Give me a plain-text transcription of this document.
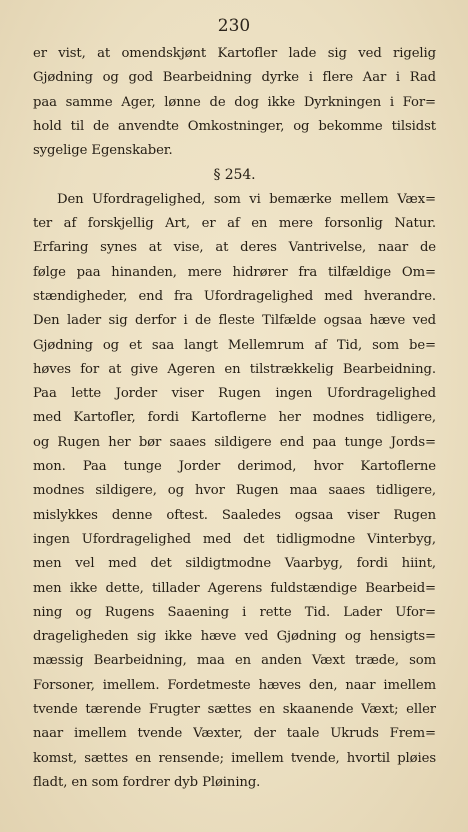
230

er vist, at omendskjønt Kartofler lade sig ved rigelig
Gjødning og god Bearbeidning dyrke i flere Aar i Rad
paa samme Ager, lønne de dog ikke Dyrkningen i For=
hold til de anvendte Omkostninger, og bekomme tilsidst
sygelige Egenskaber.
§ 254.
Den Ufordragelighed, som vi bemærke mellem Væx=
ter af forskjellig Art, er af en mere forsonlig Natur.
Erfaring synes at vise, at deres Vantrivelse, naar de
følge paa hinanden, mere hidrører fra tilfældige Om=
stændigheder, end fra Ufordragelighed med hverandre.
Den lader sig derfor i de fleste Tilfælde ogsaa hæve ved
Gjødning og et saa langt Mellemrum af Tid, som be=
høves for at give Ageren en tilstrækkelig Bearbeidning.
Paa lette Jorder viser Rugen ingen Ufordragelighed
med Kartofler, fordi Kartoflerne her modnes tidligere,
og Rugen her bør saaes sildigere end paa tunge Jords=
mon. Paa tunge Jorder derimod, hvor Kartoflerne
modnes sildigere, og hvor Rugen maa saaes tidligere,
mislykkes denne oftest. Saaledes ogsaa viser Rugen
ingen Ufordragelighed med det tidligmodne Vinterbyg,
men vel med det sildigtmodne Vaarbyg, fordi hiint,
men ikke dette, tillader Agerens fuldstændige Bearbeid=
ning og Rugens Saaening i rette Tid. Lader Ufor=
drageligheden sig ikke hæve ved Gjødning og hensigts=
mæssig Bearbeidning, maa en anden Væxt træde, som
Forsoner, imellem. Fordetmeste hæves den, naar imellem
tvende tærende Frugter sættes en skaanende Væxt; eller
naar imellem tvende Væxter, der taale Ukruds Frem=
komst, sættes en rensende; imellem tvende, hvortil pløies
fladt, en som fordrer dyb Pløining.
